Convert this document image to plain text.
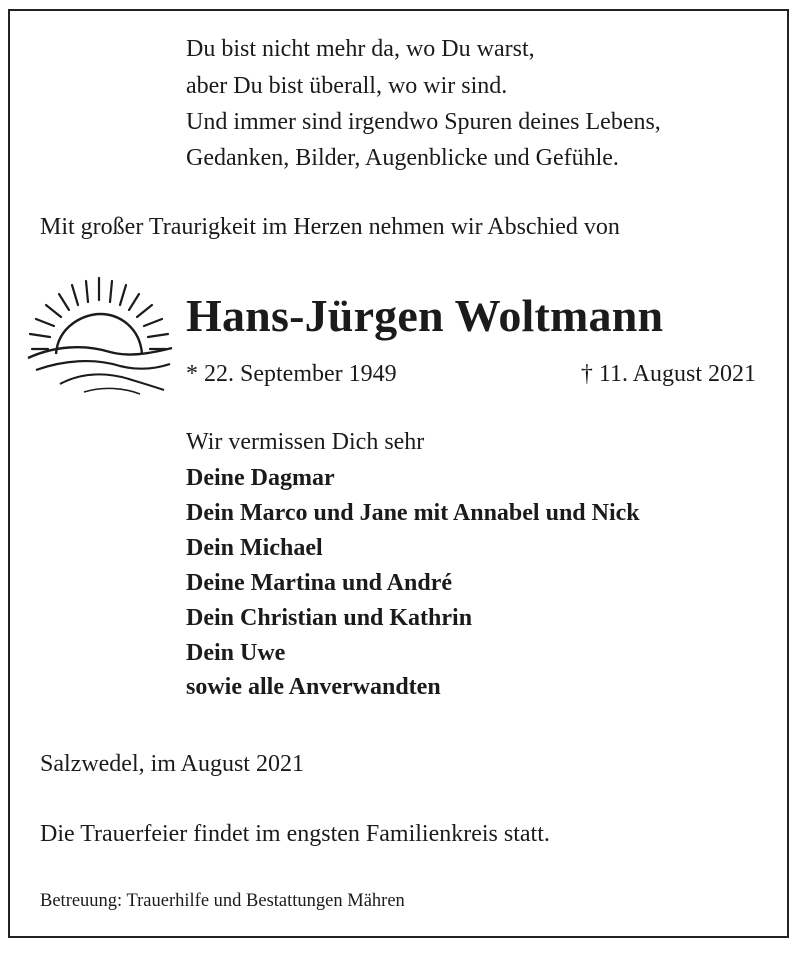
Du bist nicht mehr da, wo Du warst,
aber Du bist überall, wo wir sind.
Und immer sind irgendwo Spuren deines Lebens,
Gedanken, Bilder, Augenblicke und Gefühle.
Mit großer Traurigkeit im Herzen nehmen wir Abschied von
Hans-Jürgen Woltmann
* 22. September 1949	† 11. August 2021
Wir vermissen Dich sehr
Deine Dagmar
Dein Marco und Jane mit Annabel und Nick
Dein Michael
Deine Martina und André
Dein Christian und Kathrin
Dein Uwe
sowie alle Anverwandten
Salzwedel, im August 2021
Die Trauerfeier findet im engsten Familienkreis statt.
Betreuung: Trauerhilfe und Bestattungen Mähren
